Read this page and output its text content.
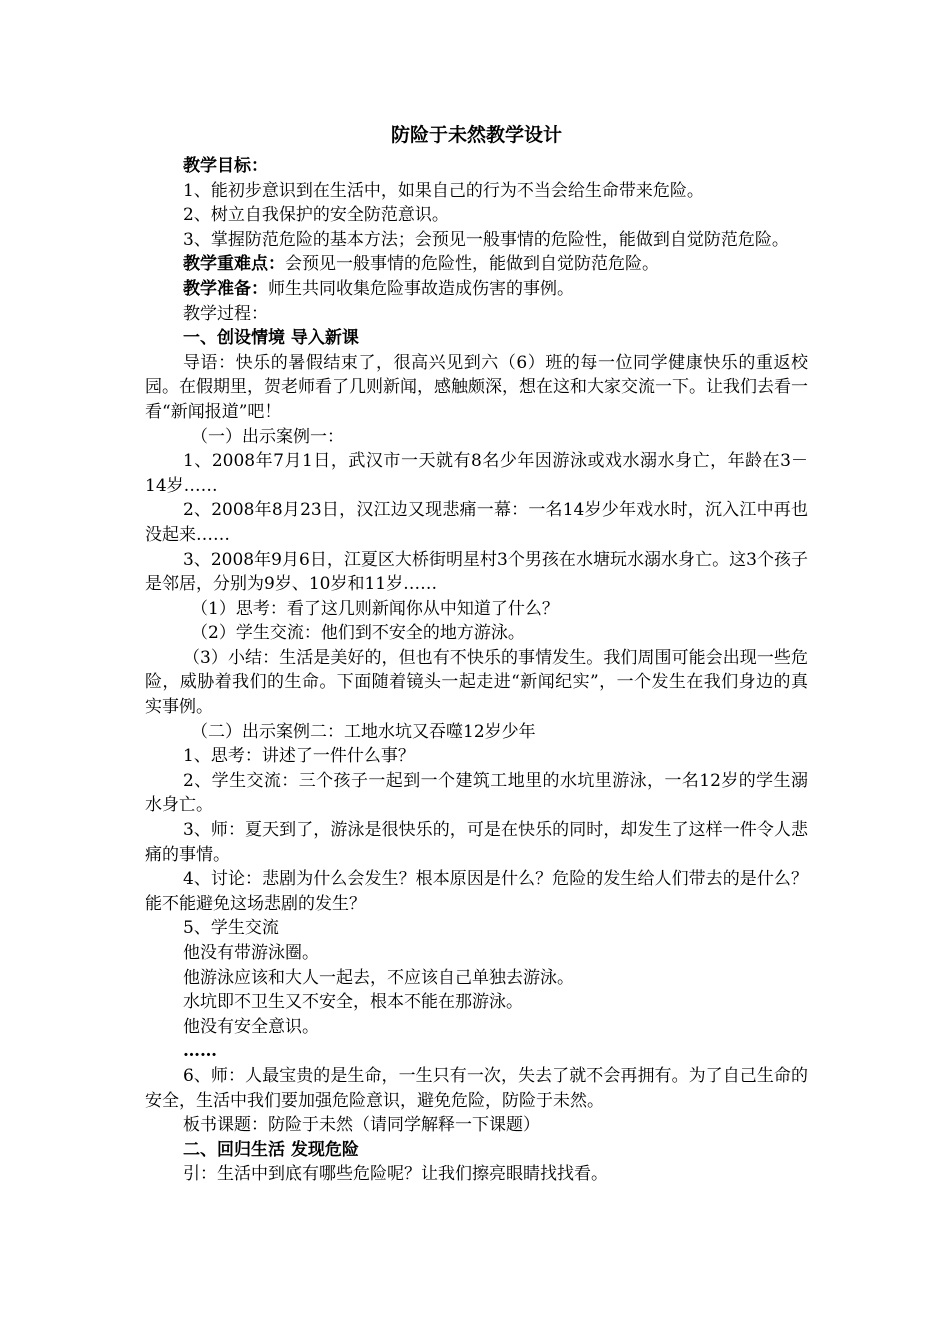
防险于未然教学设计

教学目标：

1、能初步意识到在生活中，如果自己的行为不当会给生命带来危险。

2、树立自我保护的安全防范意识。

3、掌握防范危险的基本方法；会预见一般事情的危险性，能做到自觉防范危险。

教学重难点：会预见一般事情的危险性，能做到自觉防范危险。

教学准备：师生共同收集危险事故造成伤害的事例。

教学过程：

一、创设情境 导入新课

导语：快乐的暑假结束了，很高兴见到六（6）班的每一位同学健康快乐的重返校园。在假期里，贺老师看了几则新闻，感触颇深，想在这和大家交流一下。让我们去看一看“新闻报道”吧！

（一）出示案例一：

1、2008年7月1日，武汉市一天就有8名少年因游泳或戏水溺水身亡，年龄在3－14岁……

2、2008年8月23日，汉江边又现悲痛一幕：一名14岁少年戏水时，沉入江中再也没起来……

3、2008年9月6日，江夏区大桥街明星村3个男孩在水塘玩水溺水身亡。这3个孩子是邻居，分别为9岁、10岁和11岁……

（1）思考：看了这几则新闻你从中知道了什么？

（2）学生交流：他们到不安全的地方游泳。

（3）小结：生活是美好的，但也有不快乐的事情发生。我们周围可能会出现一些危险，威胁着我们的生命。下面随着镜头一起走进“新闻纪实”，一个发生在我们身边的真实事例。

（二）出示案例二：工地水坑又吞噬12岁少年

1、思考：讲述了一件什么事？

2、学生交流：三个孩子一起到一个建筑工地里的水坑里游泳，一名12岁的学生溺水身亡。

3、师：夏天到了，游泳是很快乐的，可是在快乐的同时，却发生了这样一件令人悲痛的事情。

4、讨论：悲剧为什么会发生？根本原因是什么？危险的发生给人们带去的是什么？能不能避免这场悲剧的发生？

5、学生交流

他没有带游泳圈。

他游泳应该和大人一起去，不应该自己单独去游泳。

水坑即不卫生又不安全，根本不能在那游泳。

他没有安全意识。

……

6、师：人最宝贵的是生命，一生只有一次，失去了就不会再拥有。为了自己生命的安全，生活中我们要加强危险意识，避免危险，防险于未然。

板书课题：防险于未然（请同学解释一下课题）

二、回归生活 发现危险

引：生活中到底有哪些危险呢？让我们擦亮眼睛找找看。
